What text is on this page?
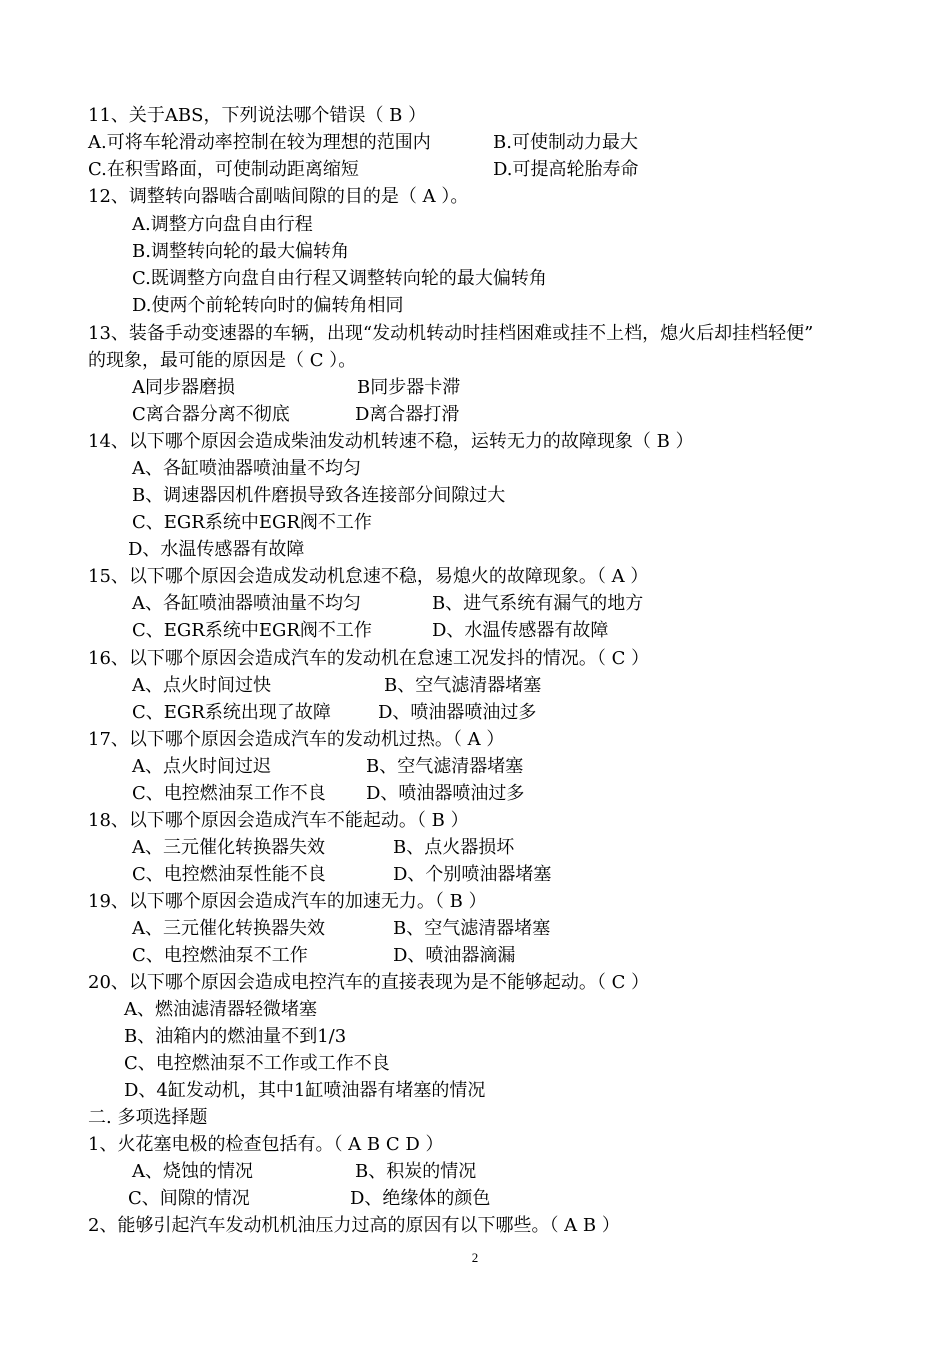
11、关于ABS，下列说法哪个错误（ B ）
A.可将车轮滑动率控制在较为理想的范围内	B.可使制动力最大
C.在积雪路面，可使制动距离缩短	D.可提高轮胎寿命
12、调整转向器啮合副啮间隙的目的是（ A ）。
A.调整方向盘自由行程
B.调整转向轮的最大偏转角
C.既调整方向盘自由行程又调整转向轮的最大偏转角
D.使两个前轮转向时的偏转角相同
13、装备手动变速器的车辆，出现“发动机转动时挂档困难或挂不上档，熄火后却挂档轻便”
的现象，最可能的原因是（ C ）。
A同步器磨损	B同步器卡滞
C离合器分离不彻底	D离合器打滑
14、以下哪个原因会造成柴油发动机转速不稳，运转无力的故障现象（ B ）
A、各缸喷油器喷油量不均匀
B、调速器因机件磨损导致各连接部分间隙过大
C、EGR系统中EGR阀不工作
D、水温传感器有故障
15、以下哪个原因会造成发动机怠速不稳，易熄火的故障现象。（ A ）
A、各缸喷油器喷油量不均匀	B、进气系统有漏气的地方
C、EGR系统中EGR阀不工作	D、水温传感器有故障
16、以下哪个原因会造成汽车的发动机在怠速工况发抖的情况。（ C ）
A、点火时间过快	B、空气滤清器堵塞
C、EGR系统出现了故障	D、喷油器喷油过多
17、以下哪个原因会造成汽车的发动机过热。（ A ）
A、点火时间过迟	B、空气滤清器堵塞
C、电控燃油泵工作不良 D、喷油器喷油过多
18、以下哪个原因会造成汽车不能起动。（ B ）
A、三元催化转换器失效	B、点火器损坏
C、电控燃油泵性能不良	D、个别喷油器堵塞
19、以下哪个原因会造成汽车的加速无力。（ B ）
A、三元催化转换器失效	B、空气滤清器堵塞
C、电控燃油泵不工作	D、喷油器滴漏
20、以下哪个原因会造成电控汽车的直接表现为是不能够起动。（ C ）
A、燃油滤清器轻微堵塞
B、油箱内的燃油量不到1/3
C、电控燃油泵不工作或工作不良
D、4缸发动机，其中1缸喷油器有堵塞的情况
二. 多项选择题
1、火花塞电极的检查包括有。（ A B C D ）
A、烧蚀的情况	B、积炭的情况
C、间隙的情况	D、绝缘体的颜色
2、能够引起汽车发动机机油压力过高的原因有以下哪些。（ A B ）
2
